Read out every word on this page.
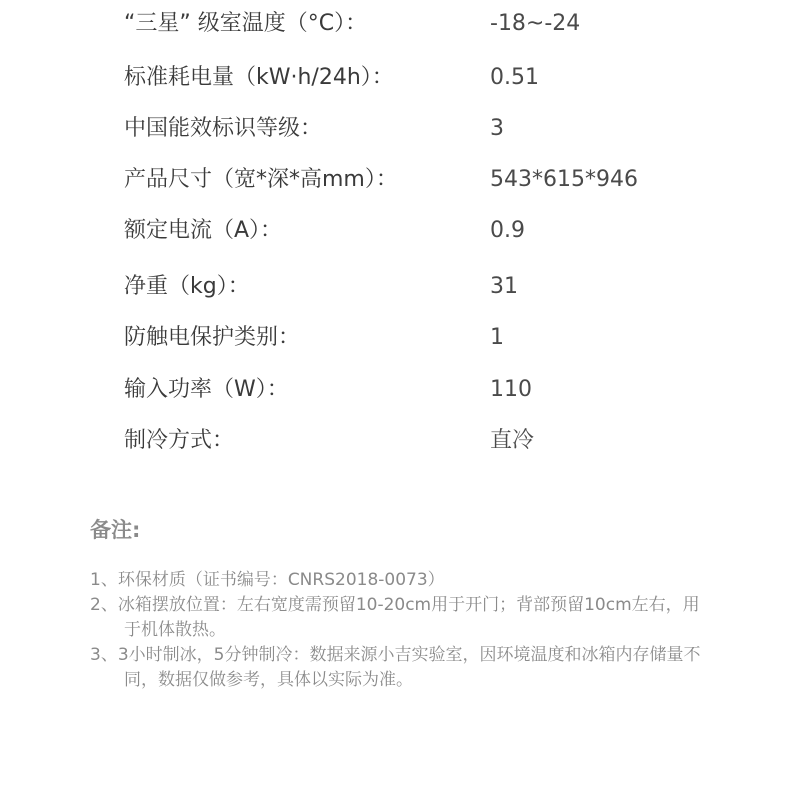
“三星” 级室温度（°C）：	-18~-24
标准耗电量（kW·h/24h）：	0.51
中国能效标识等级：	3
产品尺寸（宽*深*高mm）：	543*615*946
额定电流（A）：	0.9
净重（kg）：	31
防触电保护类别：	1
输入功率（W）：	110
制冷方式：	直冷
备注:
1、环保材质（证书编号：CNRS2018-0073）
2、冰箱摆放位置：左右宽度需预留10-20cm用于开门；背部预留10cm左右，用于机体散热。
3、3小时制冰，5分钟制冷：数据来源小吉实验室，因环境温度和冰箱内存储量不同，数据仅做参考，具体以实际为准。
